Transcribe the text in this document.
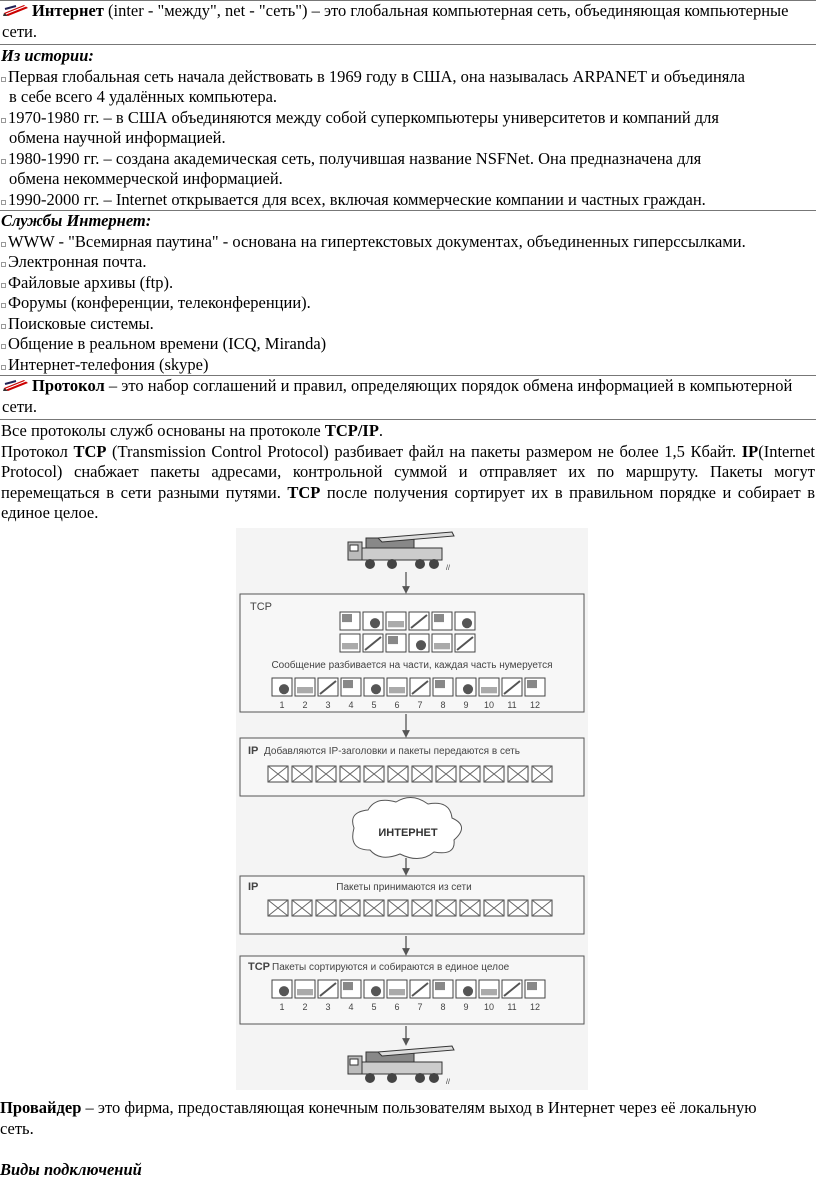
Интернет (inter - "между", net - "сеть") – это глобальная компьютерная сеть, объединяющая компьютерные сети.
Из истории:
Первая глобальная сеть начала действовать в 1969 году в США, она называлась ARPANET и объединяла
в себе всего 4 удалённых компьютера.
1970-1980 гг. – в США объединяются между собой суперкомпьютеры университетов и компаний для
обмена научной информацией.
1980-1990 гг. – создана академическая сеть, получившая название NSFNet. Она предназначена для
обмена некоммерческой информацией.
1990-2000 гг. – Internet открывается для всех, включая коммерческие компании и частных граждан.
Службы Интернет:
WWW - "Всемирная паутина" - основана на гипертекстовых документах, объединенных гиперссылками.
Электронная почта.
Файловые архивы (ftp).
Форумы (конференции, телеконференции).
Поисковые системы.
Общение в реальном времени (ICQ, Miranda)
Интернет-телефония (skype)
Протокол – это набор соглашений и правил, определяющих порядок обмена информацией в компьютерной сети.
Все протоколы служб основаны на протоколе TCP/IP.
Протокол TCP (Transmission Control Protocol) разбивает файл на пакеты размером не более 1,5 Кбайт. IP(Internet Protocol) снабжает пакеты адресами, контрольной суммой и отправляет их по маршруту. Пакеты могут перемещаться в сети разными путями. TCP после получения сортирует их в правильном порядке и собирает в единое целое.
//
TCP
Сообщение разбивается на части, каждая часть нумеруется
1 2 3 4 5 6 7 8 9 10 11 12
IP Добавляются IP-заголовки и пакеты передаются в сеть
ИНТЕРНЕТ
IP	Пакеты принимаются из сети
TCP Пакеты сортируются и собираются в единое целое
1 2 3 4 5 6 7 8 9 10 11 12
//
Провайдер – это фирма, предоставляющая конечным пользователям выход в Интернет через её локальную сеть.
Виды подключений
